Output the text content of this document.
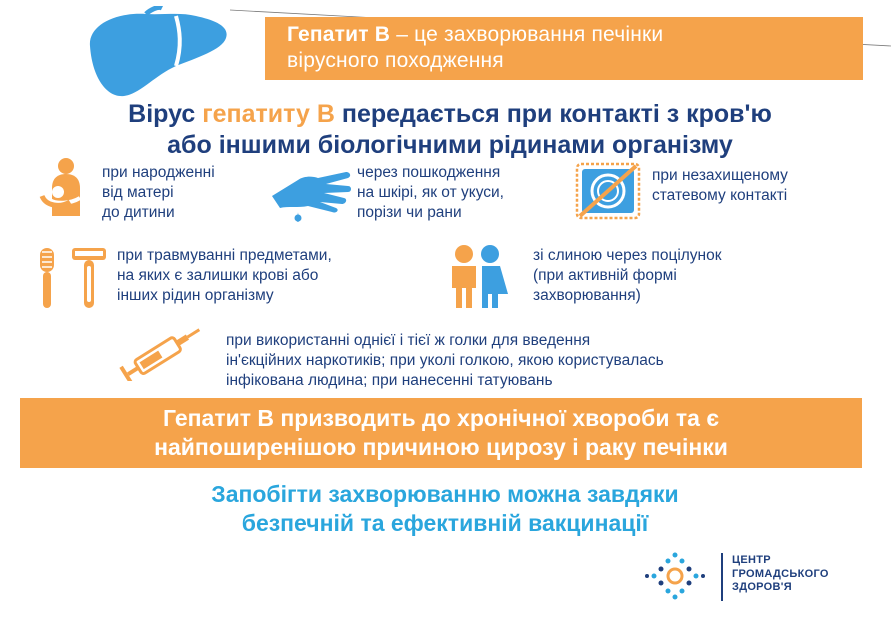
Гепатит В – це захворювання печінки
вірусного походження
Вірус гепатиту В передається при контакті з кров'ю
або іншими біологічними рідинами організму
при народженні
від матері
до дитини
через пошкодження
на шкірі, як от укуси,
порізи чи рани
при незахищеному
статевому контакті
при травмуванні предметами,
на яких є залишки крові або
інших рідин організму
зі слиною через поцілунок
(при активній формі
захворювання)
при використанні однієї і тієї ж голки для введення
ін'єкційних наркотиків; при уколі голкою, якою користувалась
інфікована людина; при нанесенні татуювань
Гепатит В призводить до хронічної хвороби та є
найпоширенішою причиною цирозу і раку печінки
Запобігти захворюванню можна завдяки
безпечній та ефективній вакцинації
ЦЕНТР
ГРОМАДСЬКОГО
ЗДОРОВ'Я
